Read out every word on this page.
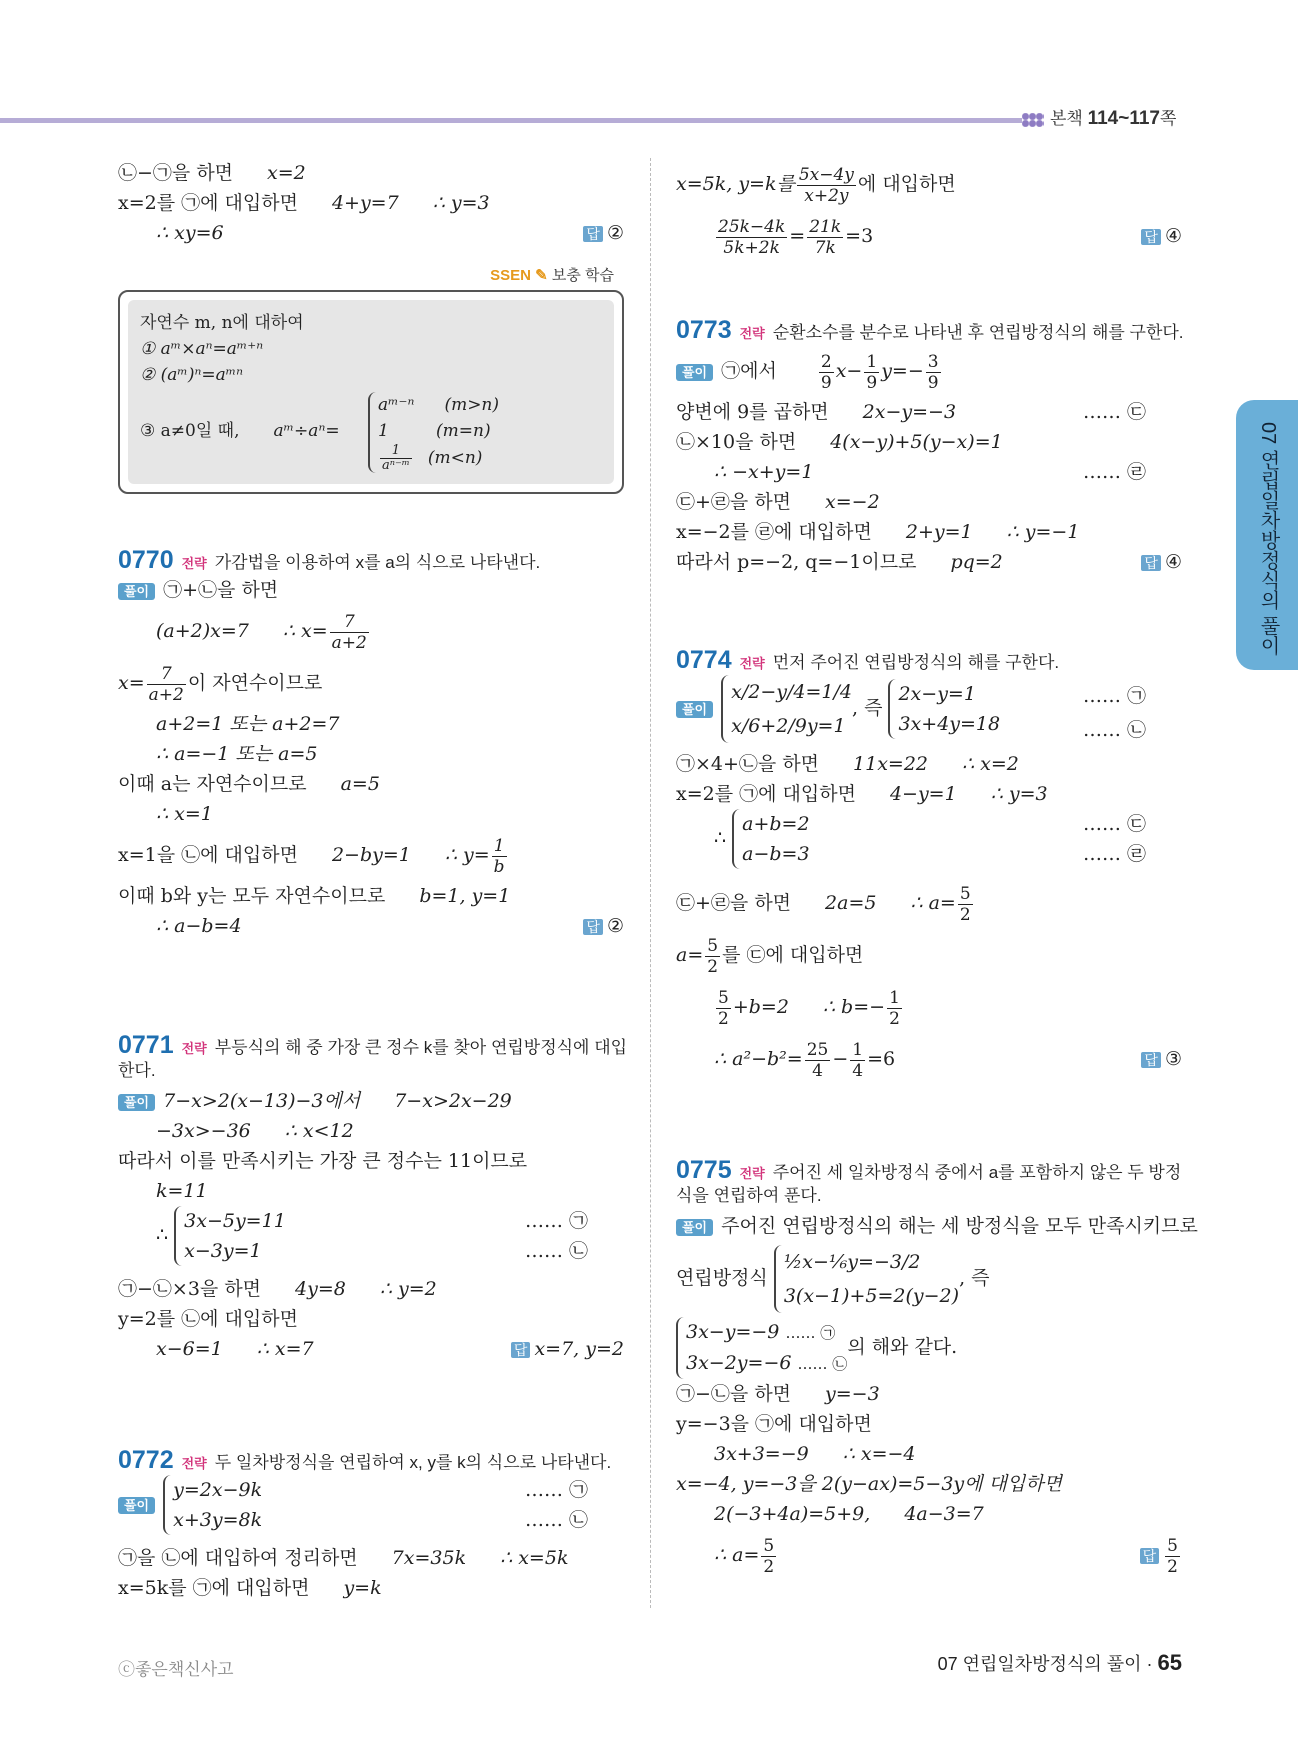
본책 114~117쪽
07 연립일차방정식의 풀이
㉡−㉠을 하면 x=2
x=2를 ㉠에 대입하면 4+y=7 ∴ y=3
∴ xy=6	답 ②
SSEN ✎ 보충 학습
자연수 m, n에 대하여
① aᵐ×aⁿ=aᵐ⁺ⁿ
② (aᵐ)ⁿ=aᵐⁿ
③ a≠0일 때, aᵐ÷aⁿ=
aᵐ⁻ⁿ (m>n)
1	(m=n)
$\frac{1}{\text{aⁿ⁻ᵐ}} (m<n)$
0770 전략 가감법을 이용하여 x를 a의 식으로 나타낸다.
풀이 ㉠+㉡을 하면
(a+2)x=7 ∴ $x= \frac{7}{a+2}$
$x= \frac{7}{a+2}$ 이 자연수이므로
a+2=1 또는 a+2=7
∴ a=−1 또는 a=5
이때 a는 자연수이므로 a=5
∴ x=1
x=1을 ㉡에 대입하면 2−by=1 ∴ $y= \frac{1}{b}$
이때 b와 y는 모두 자연수이므로 b=1, y=1
∴ a−b=4	답 ②
0771 전략 부등식의 해 중 가장 큰 정수 k를 찾아 연립방정식에 대입
한다.
풀이 7−x>2(x−13)−3에서 7−x>2x−29
−3x>−36 ∴ x<12
따라서 이를 만족시키는 가장 큰 정수는 11이므로
k=11
∴
3x−5y=11
x−3y=1
…… ㉠
…… ㉡
㉠−㉡×3을 하면 4y=8 ∴ y=2
y=2를 ㉡에 대입하면
x−6=1 ∴ x=7	답 x=7, y=2
0772 전략 두 일차방정식을 연립하여 x, y를 k의 식으로 나타낸다.
풀이
y=2x−9k
x+3y=8k
…… ㉠
…… ㉡
㉠을 ㉡에 대입하여 정리하면 7x=35k ∴ x=5k
x=5k를 ㉠에 대입하면 y=k
x=5k, y=k를 $\frac{5x-4y}{x+2y}$ 에 대입하면
$\frac{25k-4k}{5k+2k} = \frac{21k}{7k} =3$	답 ④
0773 전략 순환소수를 분수로 나타낸 후 연립방정식의 해를 구한다.
풀이 ㉠에서 $\frac{2}{9} x- \frac{1}{9} y=- \frac{3}{9}$
양변에 9를 곱하면 2x−y=−3	…… ㉢
㉡×10을 하면 4(x−y)+5(y−x)=1
∴ −x+y=1	…… ㉣
㉢+㉣을 하면 x=−2
x=−2를 ㉣에 대입하면 2+y=1 ∴ y=−1
따라서 p=−2, q=−1이므로 pq=2	답 ④
0774 전략 먼저 주어진 연립방정식의 해를 구한다.
풀이
x/2−y/4=1/4
x/6+2/9y=1
, 즉
2x−y=1
3x+4y=18
…… ㉠
…… ㉡
㉠×4+㉡을 하면 11x=22 ∴ x=2
x=2를 ㉠에 대입하면 4−y=1 ∴ y=3
∴
a+b=2
a−b=3
…… ㉢
…… ㉣
㉢+㉣을 하면 2a=5 ∴ $a= \frac{5}{2}$
$a= \frac{5}{2}$ 를 ㉢에 대입하면
$\frac{5}{2} +b=2$ ∴ $b=- \frac{1}{2}$
∴ $a^2-b^2= \frac{25}{4} - \frac{1}{4} =6$	답 ③
0775 전략 주어진 세 일차방정식 중에서 a를 포함하지 않은 두 방정
식을 연립하여 푼다.
풀이 주어진 연립방정식의 해는 세 방정식을 모두 만족시키므로
연립방정식
½x−⅙y=−3/2
3(x−1)+5=2(y−2)
, 즉
3x−y=−9 …… ㉠
3x−2y=−6 …… ㉡
의 해와 같다.
㉠−㉡을 하면 y=−3
y=−3을 ㉠에 대입하면
3x+3=−9 ∴ x=−4
x=−4, y=−3을 2(y−ax)=5−3y에 대입하면
2(−3+4a)=5+9, 4a−3=7
∴ $a= \frac{5}{2}$	답 $\frac{5}{2}$
ⓒ좋은책신사고	07 연립일차방정식의 풀이 · 65
